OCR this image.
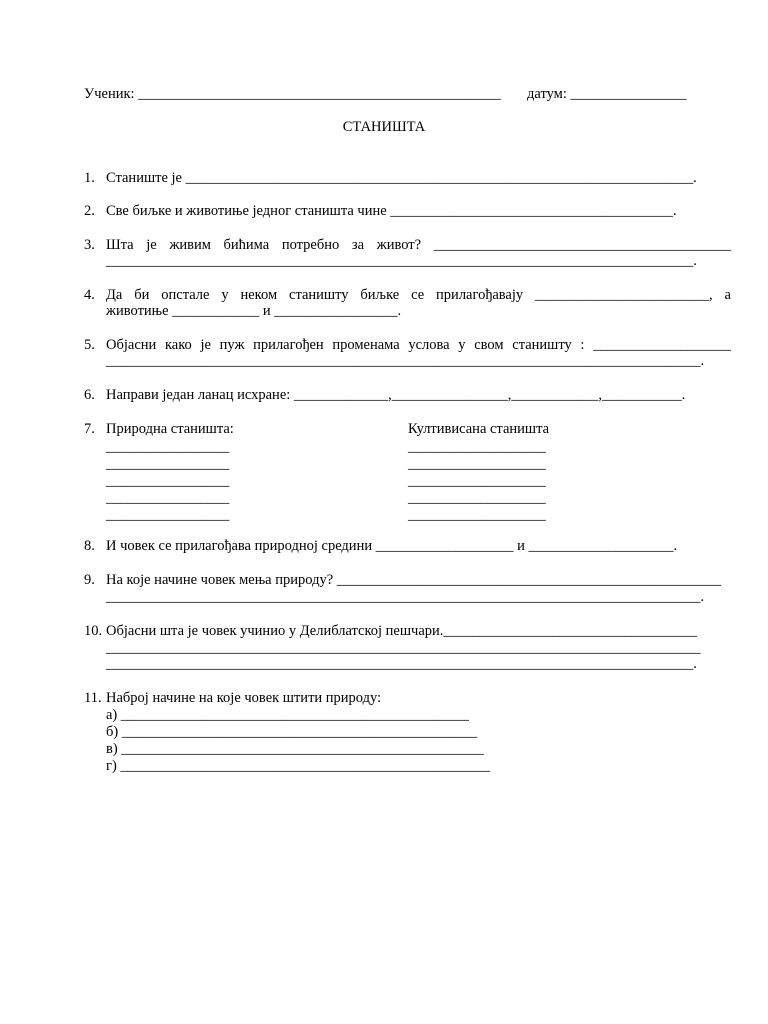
Ученик: __________________________________________________ датум: ________________
СТАНИШТА
1. Станиште је ______________________________________________________________________.
2. Све биљке и животиње једног станишта чине _______________________________________.
3. Шта је живим бићима потребно за живот? _________________________________________
_________________________________________________________________________________.
4. Да би опстале у неком станишту биљке се прилагођавају ________________________, а
животиње ____________ и _________________.
5. Објасни како је пуж прилагођен променама услова у свом станишту : ___________________
__________________________________________________________________________________.
6. Направи један ланац исхране: _____________,________________,____________,___________.
7. Природна станишта:	Култивисана станишта
_________________
_________________
_________________
_________________
_________________
___________________
___________________
___________________
___________________
___________________
8. И човек се прилагођава природној средини ___________________ и ____________________.
9. На које начине човек мења природу? _____________________________________________________
__________________________________________________________________________________.
10. Објасни шта је човек учинио у Делиблатској пешчари.___________________________________
__________________________________________________________________________________
_________________________________________________________________________________.
11. Наброј начине на које човек штити природу:
а) ________________________________________________
б) _________________________________________________
в) __________________________________________________
г) ___________________________________________________
